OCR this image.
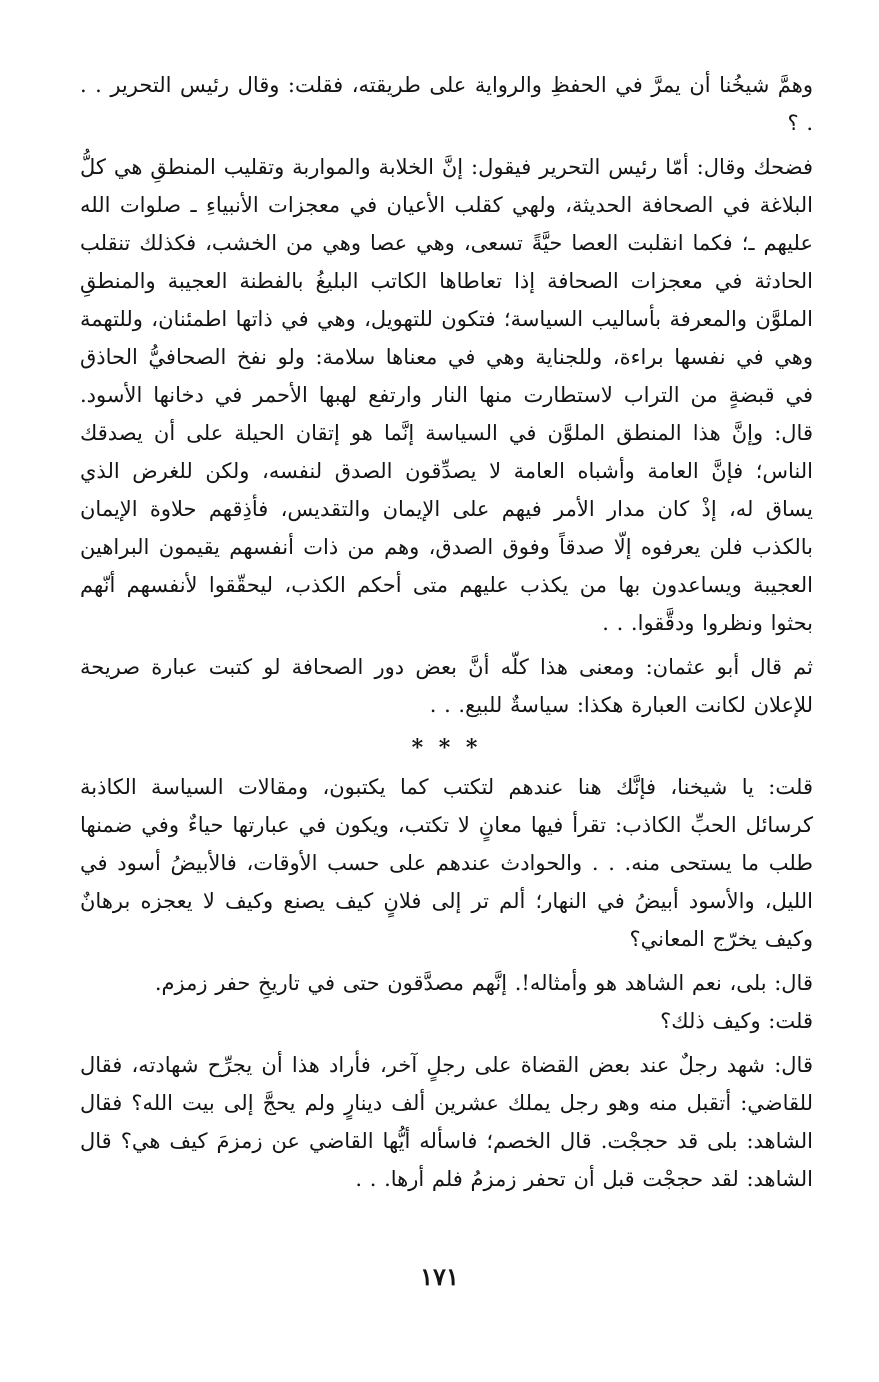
وهمَّ شيخُنا أن يمرَّ في الحفظِ والرواية على طريقته، فقلت: وقال رئيس التحرير . . . ؟

فضحك وقال: أمّا رئيس التحرير فيقول: إنَّ الخلابة والمواربة وتقليب المنطقِ هي كلُّ البلاغة في الصحافة الحديثة، ولهي كقلب الأعيان في معجزات الأنبياءِ ـ صلوات الله عليهم ـ؛ فكما انقلبت العصا حيَّةً تسعى، وهي عصا وهي من الخشب، فكذلك تنقلب الحادثة في معجزات الصحافة إذا تعاطاها الكاتب البليغُ بالفطنة العجيبة والمنطقِ الملوَّن والمعرفة بأساليب السياسة؛ فتكون للتهويل، وهي في ذاتها اطمئنان، وللتهمة وهي في نفسها براءة، وللجناية وهي في معناها سلامة: ولو نفخ الصحافيُّ الحاذق في قبضةٍ من التراب لاستطارت منها النار وارتفع لهبها الأحمر في دخانها الأسود. قال: وإنَّ هذا المنطق الملوَّن في السياسة إنَّما هو إتقان الحيلة على أن يصدقك الناس؛ فإنَّ العامة وأشباه العامة لا يصدِّقون الصدق لنفسه، ولكن للغرض الذي يساق له، إذْ كان مدار الأمر فيهم على الإيمان والتقديس، فأذِقهم حلاوة الإيمان بالكذب فلن يعرفوه إلّا صدقاً وفوق الصدق، وهم من ذات أنفسهم يقيمون البراهين العجيبة ويساعدون بها من يكذب عليهم متى أحكم الكذب، ليحقّقوا لأنفسهم أنّهم بحثوا ونظروا ودقَّقوا. . .

ثم قال أبو عثمان: ومعنى هذا كلّه أنَّ بعض دور الصحافة لو كتبت عبارة صريحة للإعلان لكانت العبارة هكذا: سياسةٌ للبيع. . .

* * *

قلت: يا شيخنا، فإنَّك هنا عندهم لتكتب كما يكتبون، ومقالات السياسة الكاذبة كرسائل الحبِّ الكاذب: تقرأ فيها معانٍ لا تكتب، ويكون في عبارتها حياءٌ وفي ضمنها طلب ما يستحى منه. . . والحوادث عندهم على حسب الأوقات، فالأبيضُ أسود في الليل، والأسود أبيضُ في النهار؛ ألم تر إلى فلانٍ كيف يصنع وكيف لا يعجزه برهانٌ وكيف يخرّج المعاني؟

قال: بلى، نعم الشاهد هو وأمثاله!. إنَّهم مصدَّقون حتى في تاريخِ حفر زمزم.

قلت: وكيف ذلك؟

قال: شهد رجلٌ عند بعض القضاة على رجلٍ آخر، فأراد هذا أن يجرِّح شهادته، فقال للقاضي: أتقبل منه وهو رجل يملك عشرين ألف دينارٍ ولم يحجَّ إلى بيت الله؟ فقال الشاهد: بلى قد حججْت. قال الخصم؛ فاسأله أيُّها القاضي عن زمزمَ كيف هي؟ قال الشاهد: لقد حججْت قبل أن تحفر زمزمُ فلم أرها. . .

١٧١
